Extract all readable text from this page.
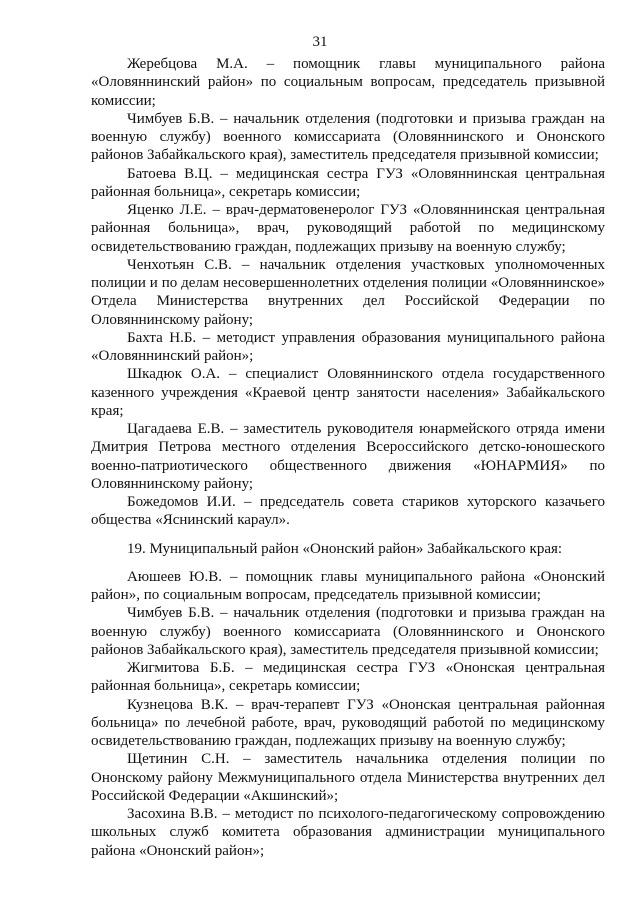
31

Жеребцова М.А. – помощник главы муниципального района «Оловяннинский район» по социальным вопросам, председатель призывной комиссии;

Чимбуев Б.В. – начальник отделения (подготовки и призыва граждан на военную службу) военного комиссариата (Оловяннинского и Ононского районов Забайкальского края), заместитель председателя призывной комиссии;

Батоева В.Ц. – медицинская сестра ГУЗ «Оловяннинская центральная районная больница», секретарь комиссии;

Яценко Л.Е. – врач-дерматовенеролог ГУЗ «Оловяннинская центральная районная больница», врач, руководящий работой по медицинскому освидетельствованию граждан, подлежащих призыву на военную службу;

Ченхотьян С.В. – начальник отделения участковых уполномоченных полиции и по делам несовершеннолетних отделения полиции «Оловяннинское» Отдела Министерства внутренних дел Российской Федерации по Оловяннинскому району;

Бахта Н.Б. – методист управления образования муниципального района «Оловяннинский район»;

Шкадюк О.А. – специалист Оловяннинского отдела государственного казенного учреждения «Краевой центр занятости населения» Забайкальского края;

Цагадаева Е.В. – заместитель руководителя юнармейского отряда имени Дмитрия Петрова местного отделения Всероссийского детско-юношеского военно-патриотического общественного движения «ЮНАРМИЯ» по Оловяннинскому району;

Божедомов И.И. – председатель совета стариков хуторского казачьего общества «Яснинский караул».

19. Муниципальный район «Ононский район» Забайкальского края:

Аюшеев Ю.В. – помощник главы муниципального района «Ононский район», по социальным вопросам, председатель призывной комиссии;

Чимбуев Б.В. – начальник отделения (подготовки и призыва граждан на военную службу) военного комиссариата (Оловяннинского и Ононского районов Забайкальского края), заместитель председателя призывной комиссии;

Жигмитова Б.Б. – медицинская сестра ГУЗ «Ононская центральная районная больница», секретарь комиссии;

Кузнецова В.К. – врач-терапевт ГУЗ «Ононская центральная районная больница» по лечебной работе, врач, руководящий работой по медицинскому освидетельствованию граждан, подлежащих призыву на военную службу;

Щетинин С.Н. – заместитель начальника отделения полиции по Ононскому району Межмуниципального отдела Министерства внутренних дел Российской Федерации «Акшинский»;

Засохина В.В. – методист по психолого-педагогическому сопровождению школьных служб комитета образования администрации муниципального района «Ононский район»;
